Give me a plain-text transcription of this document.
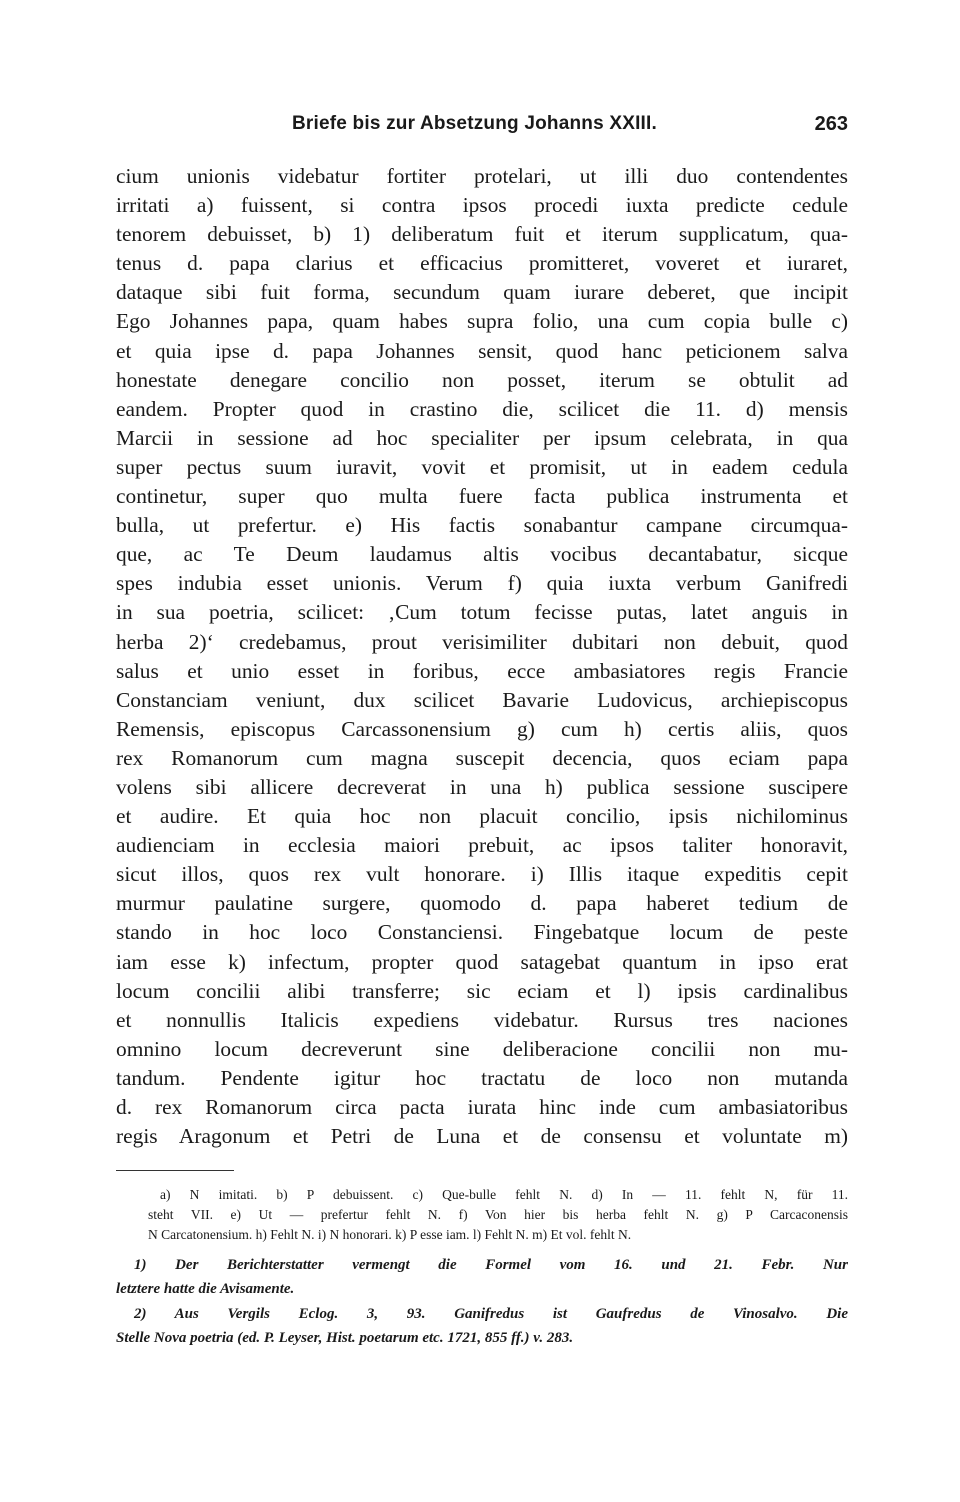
Briefe bis zur Absetzung Johanns XXIII.	263
cium unionis videbatur fortiter protelari, ut illi duo contendentes
irritati a) fuissent, si contra ipsos procedi iuxta predicte cedule
tenorem debuisset, b) 1) deliberatum fuit et iterum supplicatum, qua-
tenus d. papa clarius et efficacius promitteret, voveret et iuraret,
dataque sibi fuit forma, secundum quam iurare deberet, que incipit
Ego Johannes papa, quam habes supra folio, una cum copia bulle c)
et quia ipse d. papa Johannes sensit, quod hanc peticionem salva
honestate denegare concilio non posset, iterum se obtulit ad
eandem. Propter quod in crastino die, scilicet die 11. d) mensis
Marcii in sessione ad hoc specialiter per ipsum celebrata, in qua
super pectus suum iuravit, vovit et promisit, ut in eadem cedula
continetur, super quo multa fuere facta publica instrumenta et
bulla, ut prefertur. e) His factis sonabantur campane circumqua-
que, ac Te Deum laudamus altis vocibus decantabatur, sicque
spes indubia esset unionis. Verum f) quia iuxta verbum Ganifredi
in sua poetria, scilicet: ‚Cum totum fecisse putas, latet anguis in
herba 2)‘ credebamus, prout verisimiliter dubitari non debuit, quod
salus et unio esset in foribus, ecce ambasiatores regis Francie
Constanciam veniunt, dux scilicet Bavarie Ludovicus, archiepiscopus
Remensis, episcopus Carcassonensium g) cum h) certis aliis, quos
rex Romanorum cum magna suscepit decencia, quos eciam papa
volens sibi allicere decreverat in una h) publica sessione suscipere
et audire. Et quia hoc non placuit concilio, ipsis nichilominus
audienciam in ecclesia maiori prebuit, ac ipsos taliter honoravit,
sicut illos, quos rex vult honorare. i) Illis itaque expeditis cepit
murmur paulatine surgere, quomodo d. papa haberet tedium de
stando in hoc loco Constanciensi. Fingebatque locum de peste
iam esse k) infectum, propter quod satagebat quantum in ipso erat
locum concilii alibi transferre; sic eciam et l) ipsis cardinalibus
et nonnullis Italicis expediens videbatur. Rursus tres naciones
omnino locum decreverunt sine deliberacione concilii non mu-
tandum. Pendente igitur hoc tractatu de loco non mutanda
d. rex Romanorum circa pacta iurata hinc inde cum ambasiatoribus
regis Aragonum et Petri de Luna et de consensu et voluntate m)
a) N imitati. b) P debuissent. c) Que-bulle fehlt N. d) In — 11. fehlt N, für 11.
steht VII. e) Ut — prefertur fehlt N. f) Von hier bis herba fehlt N. g) P Carcaconensis
N Carcatonensium. h) Fehlt N. i) N honorari. k) P esse iam. l) Fehlt N. m) Et vol. fehlt N.
1) Der Berichterstatter vermengt die Formel vom 16. und 21. Febr. Nur
letztere hatte die Avisamente.
2) Aus Vergils Eclog. 3, 93. Ganifredus ist Gaufredus de Vinosalvo. Die
Stelle Nova poetria (ed. P. Leyser, Hist. poetarum etc. 1721, 855 ff.) v. 283.
